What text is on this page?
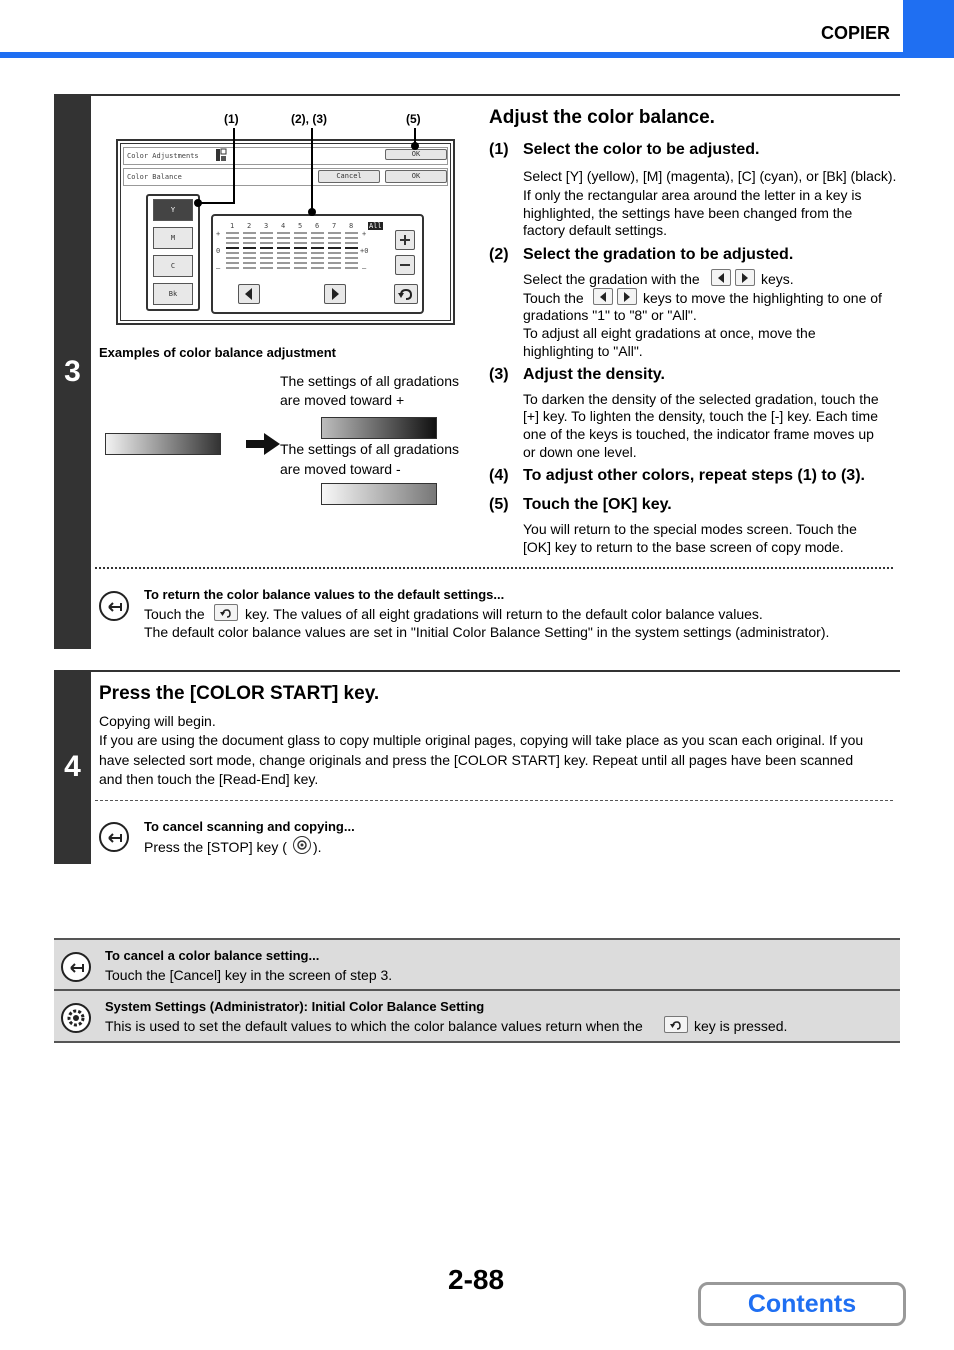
COPIER
3
(1)	(2), (3)	(5)
Color Adjustments	OK
Color Balance	Cancel	OK
Y
M
C
Bk
1 2 3 4 5 6 7 8 All
+	+
0	+0
–	–
Examples of color balance adjustment
The settings of all gradations
are moved toward +
The settings of all gradations
are moved toward -
Adjust the color balance.
(1) Select the color to be adjusted.
Select [Y] (yellow), [M] (magenta), [C] (cyan), or [Bk] (black).
If only the rectangular area around the letter in a key is
highlighted, the settings have been changed from the
factory default settings.
(2) Select the gradation to be adjusted.
Select the gradation with the	keys.
Touch the	keys to move the highlighting to one of
gradations "1" to "8" or "All".
To adjust all eight gradations at once, move the
highlighting to "All".
(3) Adjust the density.
To darken the density of the selected gradation, touch the
[+] key. To lighten the density, touch the [-] key. Each time
one of the keys is touched, the indicator frame moves up
or down one level.
(4) To adjust other colors, repeat steps (1) to (3).
(5) Touch the [OK] key.
You will return to the special modes screen. Touch the
[OK] key to return to the base screen of copy mode.
To return the color balance values to the default settings...
Touch the	key. The values of all eight gradations will return to the default color balance values.
The default color balance values are set in "Initial Color Balance Setting" in the system settings (administrator).
4
Press the [COLOR START] key.
Copying will begin.
If you are using the document glass to copy multiple original pages, copying will take place as you scan each original. If you
have selected sort mode, change originals and press the [COLOR START] key. Repeat until all pages have been scanned
and then touch the [Read-End] key.
To cancel scanning and copying...
Press the [STOP] key ( ).
To cancel a color balance setting...
Touch the [Cancel] key in the screen of step 3.
System Settings (Administrator): Initial Color Balance Setting
This is used to set the default values to which the color balance values return when the	key is pressed.
2-88
Contents
